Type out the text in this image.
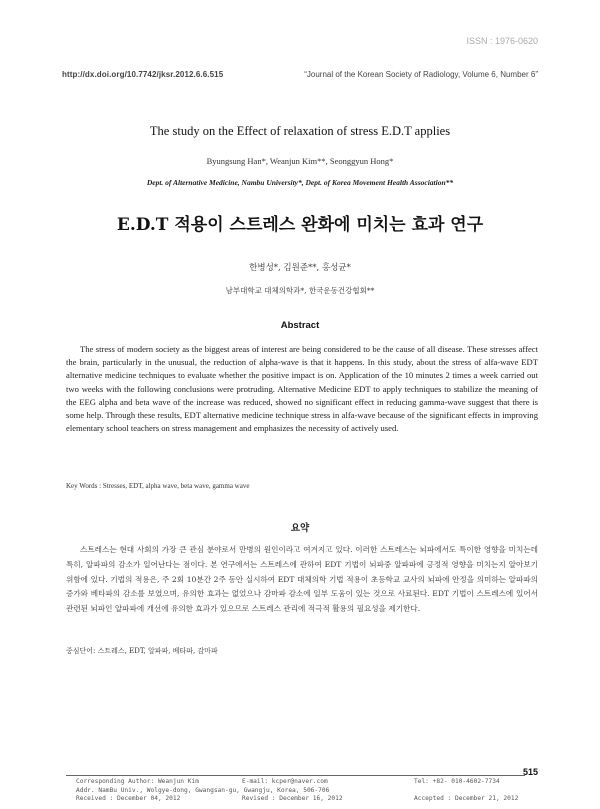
ISSN : 1976-0620
http://dx.doi.org/10.7742/jksr.2012.6.6.515	“Journal of the Korean Society of Radiology, Volume 6, Number 6”
The study on the Effect of relaxation of stress E.D.T applies
Byungsung Han*, Weanjun Kim**, Seonggyun Hong*
Dept. of Alternative Medicine, Nambu University*, Dept. of Korea Movement Health Association**
E.D.T 적용이 스트레스 완화에 미치는 효과 연구
한병성*, 김원준**, 홍성균*
남부대학교 대체의학과*, 한국운동건강협회**
Abstract
The stress of modern society as the biggest areas of interest are being considered to be the cause of all disease. These stresses affect the brain, particularly in the unusual, the reduction of alpha-wave is that it happens. In this study, about the stress of alfa-wave EDT alternative medicine techniques to evaluate whether the positive impact is on. Application of the 10 minutes 2 times a week carried out two weeks with the following conclusions were protruding. Alternative Medicine EDT to apply techniques to stabilize the meaning of the EEG alpha and beta wave of the increase was reduced, showed no significant effect in reducing gamma-wave suggest that there is some help. Through these results, EDT alternative medicine technique stress in alfa-wave because of the significant effects in improving elementary school teachers on stress management and emphasizes the necessity of actively used.
Key Words : Stresses, EDT, alpha wave, beta wave, gamma wave
요약
스트레스는 현대 사회의 가장 큰 관심 분야로서 만병의 원인이라고 여겨지고 있다. 이러한 스트레스는 뇌파에서도 특이한 영향을 미치는데 특히, 알파파의 감소가 일어난다는 점이다. 본 연구에서는 스트레스에 관하여 EDT 기법이 뇌파중 알파파에 긍정적 영향을 미치는지 알아보기 위함에 있다. 기법의 적용은, 주 2회 10분간 2주 동안 실시하여 EDT 대체의학 기법 적용이 초등학교 교사의 뇌파에 안정을 의미하는 알파파의 증가와 베타파의 감소를 보였으며, 유의한 효과는 없었으나 감마파 감소에 일부 도움이 있는 것으로 사료된다. EDT 기법이 스트레스에 있어서 관련된 뇌파인 알파파에 개선에 유의한 효과가 있으므로 스트레스 관리에 적극적 활용의 필요성을 제기한다.
중심단어: 스트레스, EDT, 알파파, 베타파, 감마파
515
Corresponding Author: Weanjun Kim	E-mail: kcper@naver.com	Tel: +82- 010-4602-7734
Addr. NamBu Univ., Wolgye-dong, Gwangsan-gu, Gwangju, Korea, 506-706
Received : December 04, 2012	Revised : December 16, 2012	Accepted : December 21, 2012
